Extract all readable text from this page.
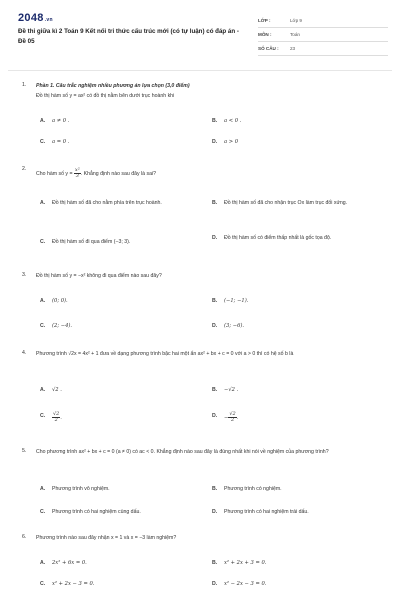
2048.vn
Đề thi giữa kì 2 Toán 9 Kết nối tri thức cấu trúc mới (có tự luận) có đáp án - Đề 05
LỚP :	Lớp 9
MÔN :	Toán
SỐ CÂU :	23
1. Phần 1. Câu trắc nghiệm nhiều phương án lựa chọn (3,0 điểm)
Đồ thị hàm số y = ax² có đồ thị nằm bên dưới trục hoành khi
A. a ≠ 0 .	B. a < 0 .
C. a = 0 .	D. a > 0
2.
Cho hàm số $y = \frac{\text{x²}}{3}$ . Khẳng định nào sau đây là sai?
A. Đồ thị hàm số đã cho nằm phía trên trục hoành.	B. Đồ thị hàm số đã cho nhận trục Ox làm trục đối xứng.
C. Đồ thị hàm số đi qua điểm (−3; 3).
D. Đồ thị hàm số có điểm thấp nhất là gốc tọa độ.
3. Đồ thị hàm số y = −x² không đi qua điểm nào sau đây?
A. (0; 0).	B. (−1; −1).
C. (2; −4).	D. (3; −6).
4. Phương trình √2x = 4x² + 1 đưa về dạng phương trình bậc hai một ẩn ax² + bx + c = 0 với a > 0 thì có hệ số b là
A. √2 .	B. −√2 .
C. $\frac{√2}{2}$ .	D. − $\frac{√2}{2}$ .
5. Cho phương trình ax² + bx + c = 0 (a ≠ 0) có ac < 0. Khẳng định nào sau đây là đúng nhất khi nói về nghiệm của phương trình?
A. Phương trình vô nghiệm.	B. Phương trình có nghiệm.
C. Phương trình có hai nghiệm cùng dấu.	D. Phương trình có hai nghiệm trái dấu.
6. Phương trình nào sau đây nhận x = 1 và x = −3 làm nghiệm?
A. 2x² + 6x = 0.	B. x² + 2x + 3 = 0.
C. x² + 2x − 3 = 0.	D. x² − 2x − 3 = 0.
